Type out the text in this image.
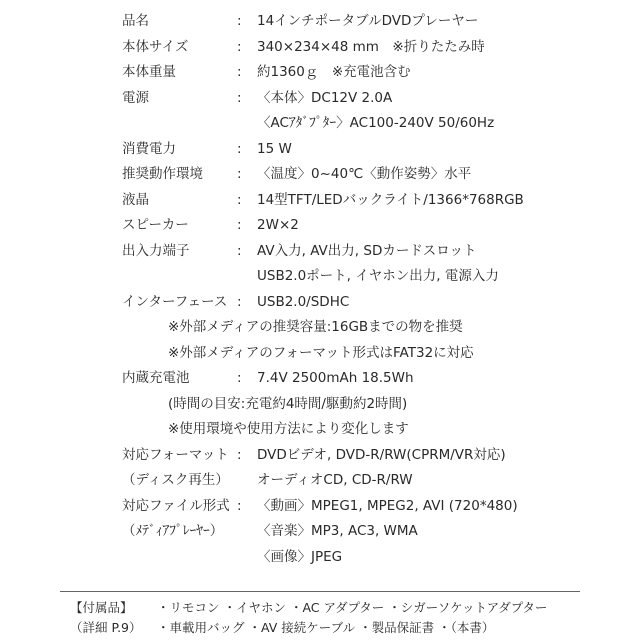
品名	: 14インチポータブルDVDプレーヤー
本体サイズ	: 340×234×48 mm　※折りたたみ時
本体重量	: 約1360ｇ　※充電池含む
電源	: 〈本体〉DC12V 2.0A
〈ACｱﾀﾞﾌﾟﾀｰ〉AC100-240V 50/60Hz
消費電力	: 15 W
推奨動作環境	: 〈温度〉0~40℃〈動作姿勢〉水平
液晶	: 14型TFT/LEDバックライト/1366*768RGB
スピーカー	: 2W×2
出入力端子	: AV入力, AV出力, SDカードスロット
USB2.0ポート, イヤホン出力, 電源入力
インターフェース : USB2.0/SDHC
※外部メディアの推奨容量:16GBまでの物を推奨
※外部メディアのフォーマット形式はFAT32に対応
内蔵充電池	: 7.4V 2500mAh 18.5Wh
(時間の目安:充電約4時間/駆動約2時間)
※使用環境や使用方法により変化します
対応フォーマット : DVDビデオ, DVD-R/RW(CPRM/VR対応)
（ディスク再生） オーディオCD, CD-R/RW
対応ファイル形式 : 〈動画〉MPEG1, MPEG2, AVI (720*480)
（ﾒﾃﾞｨｱﾌﾟﾚｰﾔｰ）	〈音楽〉MP3, AC3, WMA
〈画像〉JPEG
【付属品】 ・リモコン ・イヤホン ・AC アダプター ・シガーソケットアダプター
（詳細 P.9） ・車載用バッグ ・AV 接続ケーブル ・製品保証書 ・（本書）
